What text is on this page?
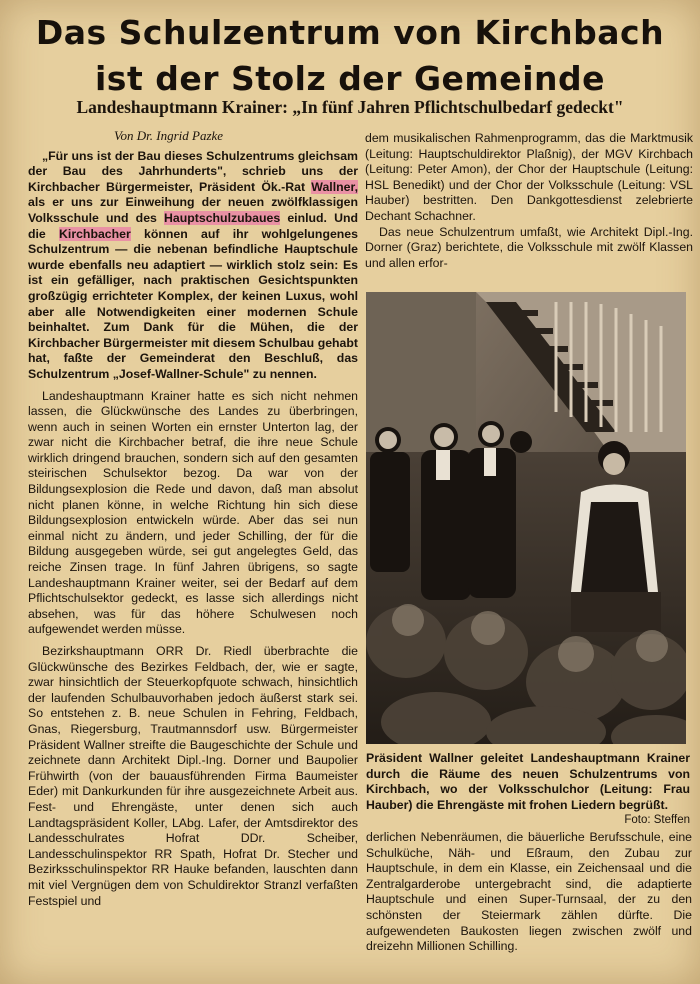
Das Schulzentrum von Kirchbach
ist der Stolz der Gemeinde
Landeshauptmann Krainer: „In fünf Jahren Pflichtschulbedarf gedeckt"
Von Dr. Ingrid Pazke

„Für uns ist der Bau dieses Schulzentrums gleichsam der Bau des Jahrhunderts", schrieb uns der Kirchbacher Bürgermeister, Präsident Ök.-Rat Wallner, als er uns zur Einweihung der neuen zwölfklassigen Volksschule und des Hauptschulzubaues einlud. Und die Kirchbacher können auf ihr wohlgelungenes Schulzentrum — die nebenan befindliche Hauptschule wurde ebenfalls neu adaptiert — wirklich stolz sein: Es ist ein gefälliger, nach praktischen Gesichtspunkten großzügig errichteter Komplex, der keinen Luxus, wohl aber alle Notwendigkeiten einer modernen Schule beinhaltet. Zum Dank für die Mühen, die der Kirchbacher Bürgermeister mit diesem Schulbau gehabt hat, faßte der Gemeinderat den Beschluß, das Schulzentrum „Josef-Wallner-Schule" zu nennen.

Landeshauptmann Krainer hatte es sich nicht nehmen lassen, die Glückwünsche des Landes zu überbringen, wenn auch in seinen Worten ein ernster Unterton lag, der zwar nicht die Kirchbacher betraf, die ihre neue Schule wirklich dringend brauchen, sondern sich auf den gesamten steirischen Schulsektor bezog. Da war von der Bildungsexplosion die Rede und davon, daß man absolut nicht planen könne, in welche Richtung hin sich diese Bildungsexplosion entwickeln würde. Aber das sei nun einmal nicht zu ändern, und jeder Schilling, der für die Bildung ausgegeben würde, sei gut angelegtes Geld, das reiche Zinsen trage. In fünf Jahren übrigens, so sagte Landeshauptmann Krainer weiter, sei der Bedarf auf dem Pflichtschulsektor gedeckt, es lasse sich allerdings nicht absehen, was für das höhere Schulwesen noch aufgewendet werden müsse.

Bezirkshauptmann ORR Dr. Riedl überbrachte die Glückwünsche des Bezirkes Feldbach, der, wie er sagte, zwar hinsichtlich der Steuerkopfquote schwach, hinsichtlich der laufenden Schulbauvorhaben jedoch äußerst stark sei. So entstehen z. B. neue Schulen in Fehring, Feldbach, Gnas, Riegersburg, Trautmannsdorf usw. Bürgermeister Präsident Wallner streifte die Baugeschichte der Schule und zeichnete dann Architekt Dipl.-Ing. Dorner und Baupolier Frühwirth (von der bauausführenden Firma Baumeister Eder) mit Dankurkunden für ihre ausgezeichnete Arbeit aus. Fest- und Ehrengäste, unter denen sich auch Landtagspräsident Koller, LAbg. Lafer, der Amtsdirektor des Landesschulrates Hofrat DDr. Scheiber, Landesschulinspektor RR Spath, Hofrat Dr. Stecher und Bezirksschulinspektor RR Hauke befanden, lauschten dann mit viel Vergnügen dem von Schuldirektor Stranzl verfaßten Festspiel und

dem musikalischen Rahmenprogramm, das die Marktmusik (Leitung: Hauptschuldirektor Plaßnig), der MGV Kirchbach (Leitung: Peter Amon), der Chor der Hauptschule (Leitung: HSL Benedikt) und der Chor der Volksschule (Leitung: VSL Hauber) bestritten. Den Dankgottesdienst zelebrierte Dechant Schachner.

Das neue Schulzentrum umfaßt, wie Architekt Dipl.-Ing. Dorner (Graz) berichtete, die Volksschule mit zwölf Klassen und allen erfor-

Präsident Wallner geleitet Landeshauptmann Krainer durch die Räume des neuen Schulzentrums von Kirchbach, wo der Volksschulchor (Leitung: Frau Hauber) die Ehrengäste mit frohen Liedern begrüßt.
Foto: Steffen

derlichen Nebenräumen, die bäuerliche Berufsschule, eine Schulküche, Näh- und Eßraum, den Zubau zur Hauptschule, in dem ein Klasse, ein Zeichensaal und die Zentralgarderobe untergebracht sind, die adaptierte Hauptschule und einen Super-Turnsaal, der zu den schönsten der Steiermark zählen dürfte. Die aufgewendeten Baukosten liegen zwischen zwölf und dreizehn Millionen Schilling.
